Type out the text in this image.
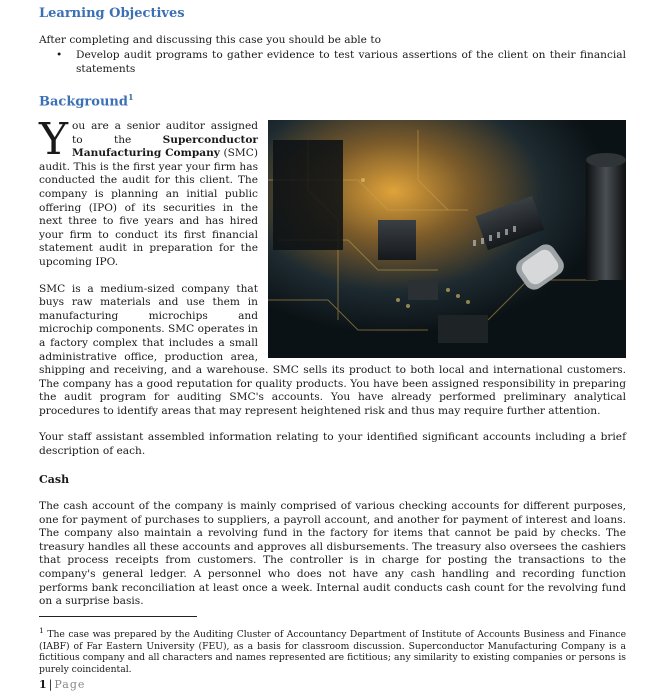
Learning Objectives

After completing and discussing this case you should be able to

• Develop audit programs to gather evidence to test various assertions of the client on their financial statements
Background$^1$
Y ou are a senior auditor assigned to the Superconductor Manufacturing Company (SMC) audit. This is the first year your firm has conducted the audit for this client. The company is planning an initial public offering (IPO) of its securities in the next three to five years and has hired your firm to conduct its first financial statement audit in preparation for the upcoming IPO.

SMC is a medium-sized company that buys raw materials and use them in manufacturing microchips and microchip components. SMC operates in a factory complex that includes a small administrative office, production area, shipping and receiving, and a warehouse. SMC sells its product to both local and international customers. The company has a good reputation for quality products. You have been assigned responsibility in preparing the audit program for auditing SMC's accounts. You have already performed preliminary analytical procedures to identify areas that may represent heightened risk and thus may require further attention.

Your staff assistant assembled information relating to your identified significant accounts including a brief description of each.

Cash

The cash account of the company is mainly comprised of various checking accounts for different purposes, one for payment of purchases to suppliers, a payroll account, and another for payment of interest and loans. The company also maintain a revolving fund in the factory for items that cannot be paid by checks. The treasury handles all these accounts and approves all disbursements. The treasury also oversees the cashiers that process receipts from customers. The controller is in charge for posting the transactions to the company's general ledger. A personnel who does not have any cash handling and recording function performs bank reconciliation at least once a week. Internal audit conducts cash count for the revolving fund on a surprise basis.

$^1$ The case was prepared by the Auditing Cluster of Accountancy Department of Institute of Accounts Business and Finance (IABF) of Far Eastern University (FEU), as a basis for classroom discussion. Superconductor Manufacturing Company is a fictitious company and all characters and names represented are fictitious; any similarity to existing companies or persons is purely coincidental.

1 | Page
